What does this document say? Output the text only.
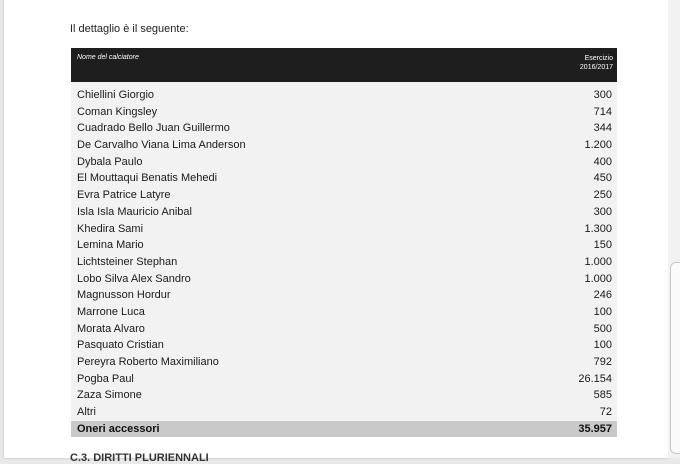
Il dettaglio è il seguente:
Nome del calciatore	Esercizio
2016/2017
Chiellini Giorgio	300
Coman Kingsley	714
Cuadrado Bello Juan Guillermo	344
De Carvalho Viana Lima Anderson	1.200
Dybala Paulo	400
El Mouttaqui Benatis Mehedi	450
Evra Patrice Latyre	250
Isla Isla Mauricio Anibal	300
Khedira Sami	1.300
Lemina Mario	150
Lichtsteiner Stephan	1.000
Lobo Silva Alex Sandro	1.000
Magnusson Hordur	246
Marrone Luca	100
Morata Alvaro	500
Pasquato Cristian	100
Pereyra Roberto Maximiliano	792
Pogba Paul	26.154
Zaza Simone	585
Altri	72
Oneri accessori	35.957
C.3. DIRITTI PLURIENNALI
